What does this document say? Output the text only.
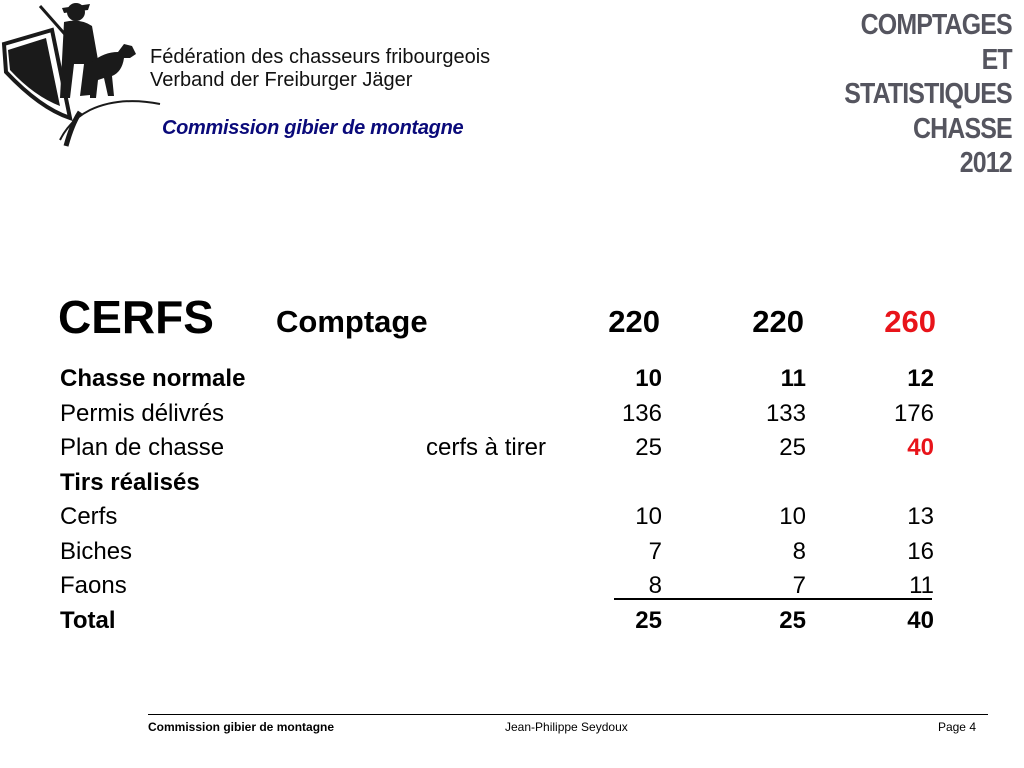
Fédération des chasseurs fribourgeois
Verband der Freiburger Jäger
Commission gibier de montagne
COMPTAGES
ET
STATISTIQUES
CHASSE
2012
CERFS Comptage	220	220	260
Chasse normale	10	11	12
Permis délivrés	136	133	176
Plan de chasse	cerfs à tirer	25	25	40
Tirs réalisés
Cerfs	10	10	13
Biches	7	8	16
Faons	8	7	11
Total	25	25	40
Commission gibier de montagne	Jean-Philippe Seydoux	Page 4
